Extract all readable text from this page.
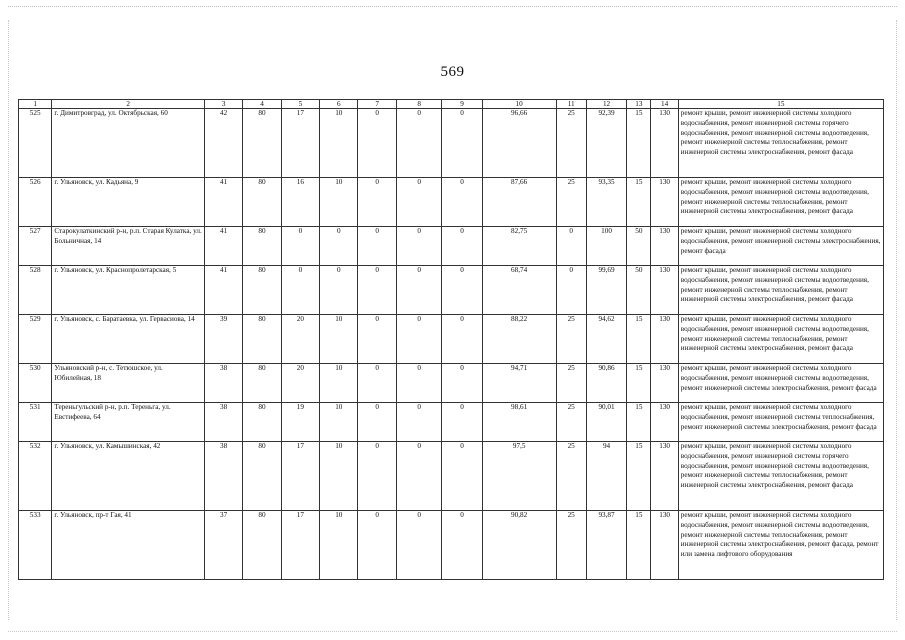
569
1	2	3	4	5	6	7	8	9	10	11	12	13	14	15
525	г. Димитровград, ул. Октябрьская, 60	42	80	17	10	0	0	0	96,66	25	92,39	15	130	ремонт крыши, ремонт инженерной системы холодного водоснабжения, ремонт инженерной системы горячего водоснабжения, ремонт инженерной системы водоотведения, ремонт инженерной системы теплоснабжения, ремонт инженерной системы электроснабжения, ремонт фасада
526	г. Ульяновск, ул. Кадьяна, 9	41	80	16	10	0	0	0	87,66	25	93,35	15	130	ремонт крыши, ремонт инженерной системы холодного водоснабжения, ремонт инженерной системы водоотведения, ремонт инженерной системы теплоснабжения, ремонт инженерной системы электроснабжения, ремонт фасада
527	Старокулаткинский р-н, р.п. Старая Кулатка, ул. Больничная, 14	41	80	0	0	0	0	0	82,75	0	100	50	130	ремонт крыши, ремонт инженерной системы холодного водоснабжения, ремонт инженерной системы электроснабжения, ремонт фасада
528	г. Ульяновск, ул. Краснопролетарская, 5	41	80	0	0	0	0	0	68,74	0	99,69	50	130	ремонт крыши, ремонт инженерной системы холодного водоснабжения, ремонт инженерной системы водоотведения, ремонт инженерной системы теплоснабжения, ремонт инженерной системы электроснабжения, ремонт фасада
529	г. Ульяновск, с. Баратаевка, ул. Гервасиова, 14	39	80	20	10	0	0	0	88,22	25	94,62	15	130	ремонт крыши, ремонт инженерной системы холодного водоснабжения, ремонт инженерной системы водоотведения, ремонт инженерной системы теплоснабжения, ремонт инженерной системы электроснабжения, ремонт фасада
530	Ульяновский р-н, с. Тетюшское, ул. Юбилейная, 18	38	80	20	10	0	0	0	94,71	25	90,86	15	130	ремонт крыши, ремонт инженерной системы холодного водоснабжения, ремонт инженерной системы водоотведения, ремонт инженерной системы электроснабжения, ремонт фасада
531	Тереньгульский р-н, р.п. Тереньга, ул. Евстифеева, 64	38	80	19	10	0	0	0	98,61	25	90,01	15	130	ремонт крыши, ремонт инженерной системы холодного водоснабжения, ремонт инженерной системы теплоснабжения, ремонт инженерной системы электроснабжения, ремонт фасада
532	г. Ульяновск, ул. Камышинская, 42	38	80	17	10	0	0	0	97,5	25	94	15	130	ремонт крыши, ремонт инженерной системы холодного водоснабжения, ремонт инженерной системы горячего водоснабжения, ремонт инженерной системы водоотведения, ремонт инженерной системы теплоснабжения, ремонт инженерной системы электроснабжения, ремонт фасада
533	г. Ульяновск, пр-т Гая, 41	37	80	17	10	0	0	0	90,82	25	93,87	15	130	ремонт крыши, ремонт инженерной системы холодного водоснабжения, ремонт инженерной системы водоотведения, ремонт инженерной системы теплоснабжения, ремонт инженерной системы электроснабжения, ремонт фасада, ремонт или замена лифтового оборудования
